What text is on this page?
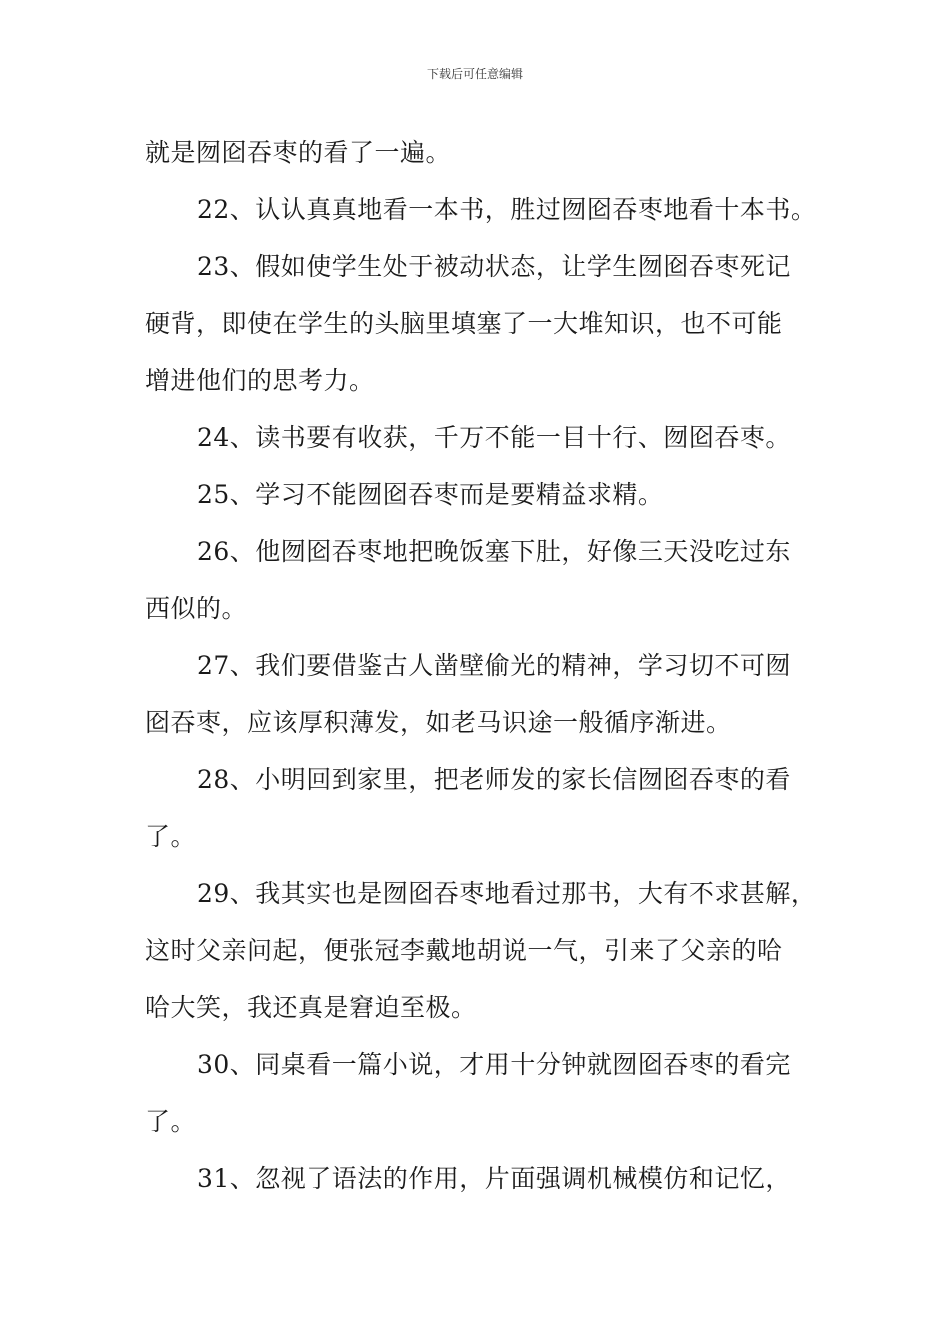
下载后可任意编辑
就是囫囵吞枣的看了一遍。
22、认认真真地看一本书，胜过囫囵吞枣地看十本书。
23、假如使学生处于被动状态，让学生囫囵吞枣死记
硬背，即使在学生的头脑里填塞了一大堆知识，也不可能
增进他们的思考力。
24、读书要有收获，千万不能一目十行、囫囵吞枣。
25、学习不能囫囵吞枣而是要精益求精。
26、他囫囵吞枣地把晚饭塞下肚，好像三天没吃过东
西似的。
27、我们要借鉴古人凿壁偷光的精神，学习切不可囫
囵吞枣，应该厚积薄发，如老马识途一般循序渐进。
28、小明回到家里，把老师发的家长信囫囵吞枣的看
了。
29、我其实也是囫囵吞枣地看过那书，大有不求甚解，
这时父亲问起，便张冠李戴地胡说一气，引来了父亲的哈
哈大笑，我还真是窘迫至极。
30、同桌看一篇小说，才用十分钟就囫囵吞枣的看完
了。
31、忽视了语法的作用，片面强调机械模仿和记忆，
